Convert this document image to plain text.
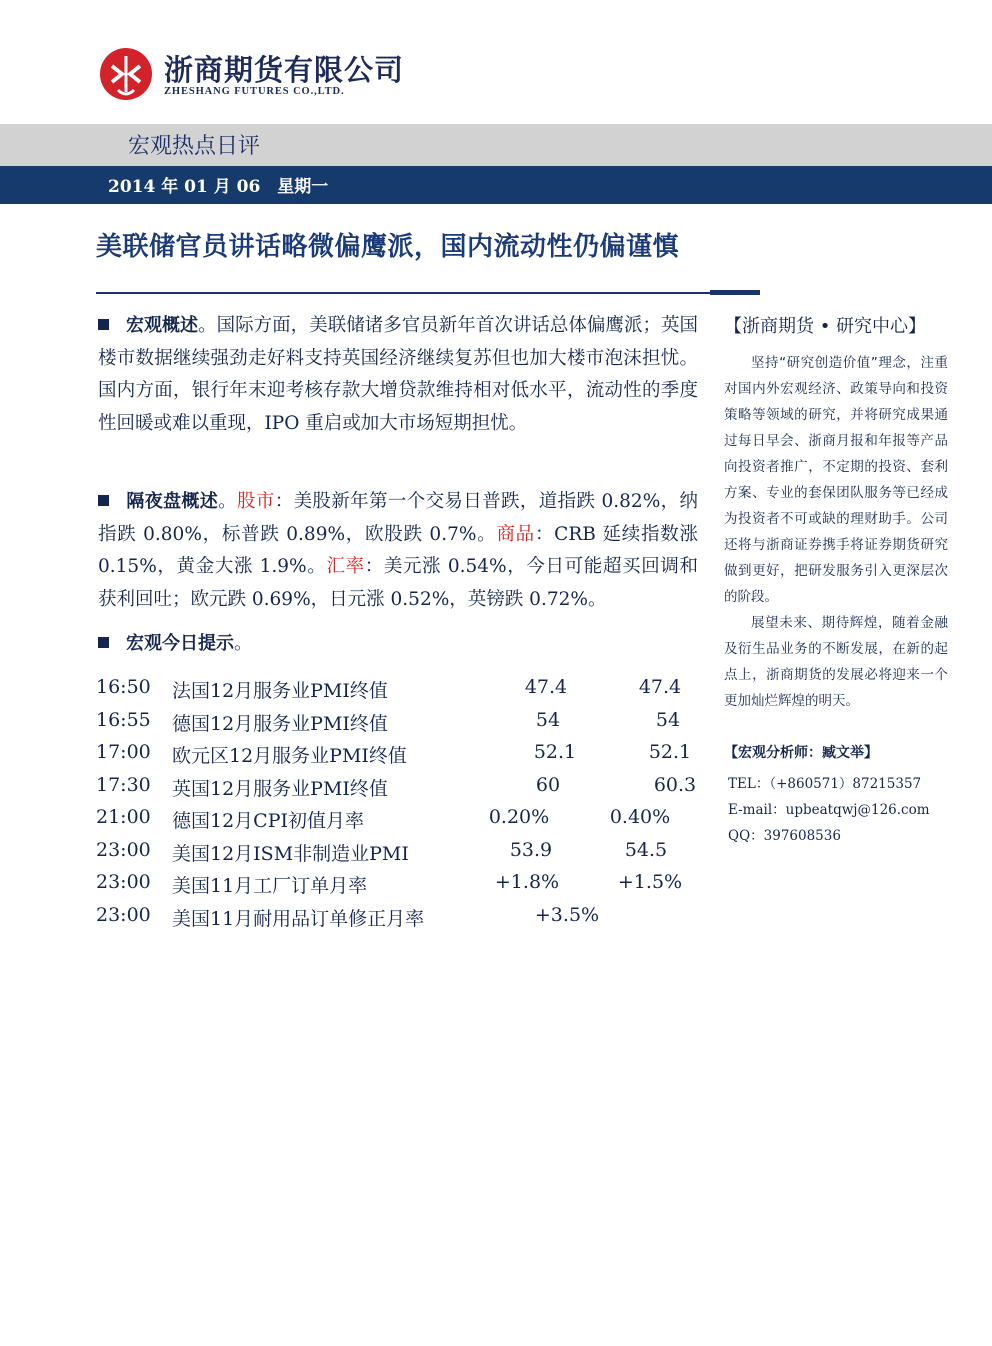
浙商期货有限公司
ZHESHANG FUTURES CO.,LTD.
宏观热点日评
2014 年 01 月 06　星期一
美联储官员讲话略微偏鹰派，国内流动性仍偏谨慎
宏观概述。国际方面，美联储诸多官员新年首次讲话总体偏鹰派；英国楼市数据继续强劲走好料支持英国经济继续复苏但也加大楼市泡沫担忧。国内方面，银行年末迎考核存款大增贷款维持相对低水平，流动性的季度性回暖或难以重现，IPO 重启或加大市场短期担忧。
隔夜盘概述。股市：美股新年第一个交易日普跌，道指跌 0.82%，纳指跌 0.80%，标普跌 0.89%，欧股跌 0.7%。商品：CRB 延续指数涨 0.15%，黄金大涨 1.9%。汇率：美元涨 0.54%，今日可能超买回调和获利回吐；欧元跌 0.69%，日元涨 0.52%，英镑跌 0.72%。
宏观今日提示。
16:50 法国12月服务业PMI终值	47.4	47.4
16:55 德国12月服务业PMI终值	54	54
17:00 欧元区12月服务业PMI终值	52.1	52.1
17:30 英国12月服务业PMI终值	60	60.3
21:00 德国12月CPI初值月率	0.20%	0.40%
23:00 美国12月ISM非制造业PMI	53.9	54.5
23:00 美国11月工厂订单月率	+1.8%	+1.5%
23:00 美国11月耐用品订单修正月率	+3.5%
【浙商期货 • 研究中心】
坚持“研究创造价值”理念，注重对国内外宏观经济、政策导向和投资策略等领域的研究，并将研究成果通过每日早会、浙商月报和年报等产品向投资者推广，不定期的投资、套利方案、专业的套保团队服务等已经成为投资者不可或缺的理财助手。公司还将与浙商证券携手将证券期货研究做到更好，把研发服务引入更深层次的阶段。
展望未来、期待辉煌，随着金融及衍生品业务的不断发展，在新的起点上，浙商期货的发展必将迎来一个更加灿烂辉煌的明天。
【宏观分析师：臧文举】
TEL：（+860571）87215357
E-mail：upbeatqwj@126.com
QQ：397608536
